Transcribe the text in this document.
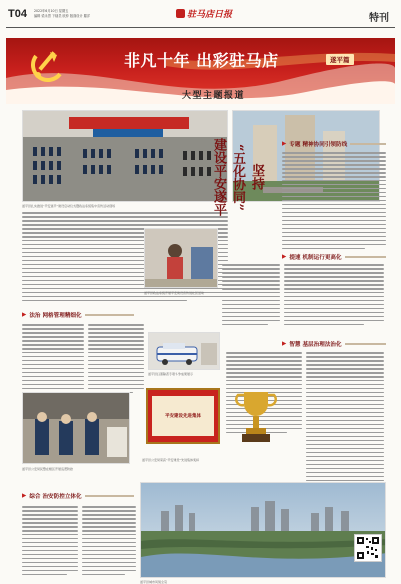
T04 2022年6月10日 星期五
编辑 梁永思 下辖员 欧仲 版面设计 滕洋	驻马店日报	特刊
非凡十年 出彩驻马店	遂平篇
大型主题报道
遂平县扎实推进“平安遂平”建设启动仪式暨政法系统集中宣传活动现场
坚持
“五化协同”
建设平安遂平	▶ 专题 精神协同引领防线
遂平县政法系统开展平安建设宣传进社区活动
▶ 法治 网格管理精细化
遂平县扫黑除恶专项斗争成果展示
▶ 提速 机制运行更高化
▶ 智慧 基层治理法治化
遂平县公安局民警在辖区开展巡逻防控
平安建设先进集体
遂平县公安局荣获“平安建设”先进集体奖杯
▶ 综合 治安防控立体化
遂平县城市风貌全景
